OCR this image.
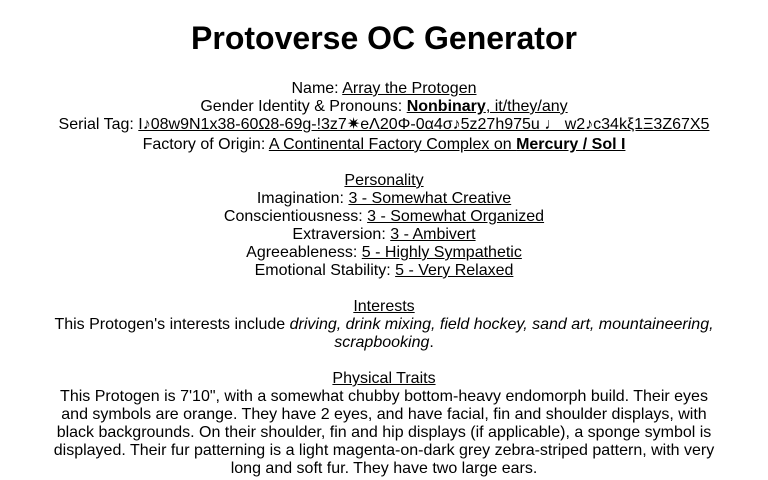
Protoverse OC Generator
Name: Array the Protogen
Gender Identity & Pronouns: Nonbinary, it/they/any
Serial Tag: I♪08w9N1x38-60Ω8-69g-!3z7✷eΛ20Φ-0α4σ♪5z27h975u ♩ w2♪c34kξ1Ξ3Z67X5
Factory of Origin: A Continental Factory Complex on Mercury / Sol I
Personality
Imagination: 3 - Somewhat Creative
Conscientiousness: 3 - Somewhat Organized
Extraversion: 3 - Ambivert
Agreeableness: 5 - Highly Sympathetic
Emotional Stability: 5 - Very Relaxed
Interests
This Protogen's interests include driving, drink mixing, field hockey, sand art, mountaineering, scrapbooking.
Physical Traits
This Protogen is 7'10", with a somewhat chubby bottom-heavy endomorph build. Their eyes and symbols are orange. They have 2 eyes, and have facial, fin and shoulder displays, with black backgrounds. On their shoulder, fin and hip displays (if applicable), a sponge symbol is displayed. Their fur patterning is a light magenta-on-dark grey zebra-striped pattern, with very long and soft fur. They have two large ears.
